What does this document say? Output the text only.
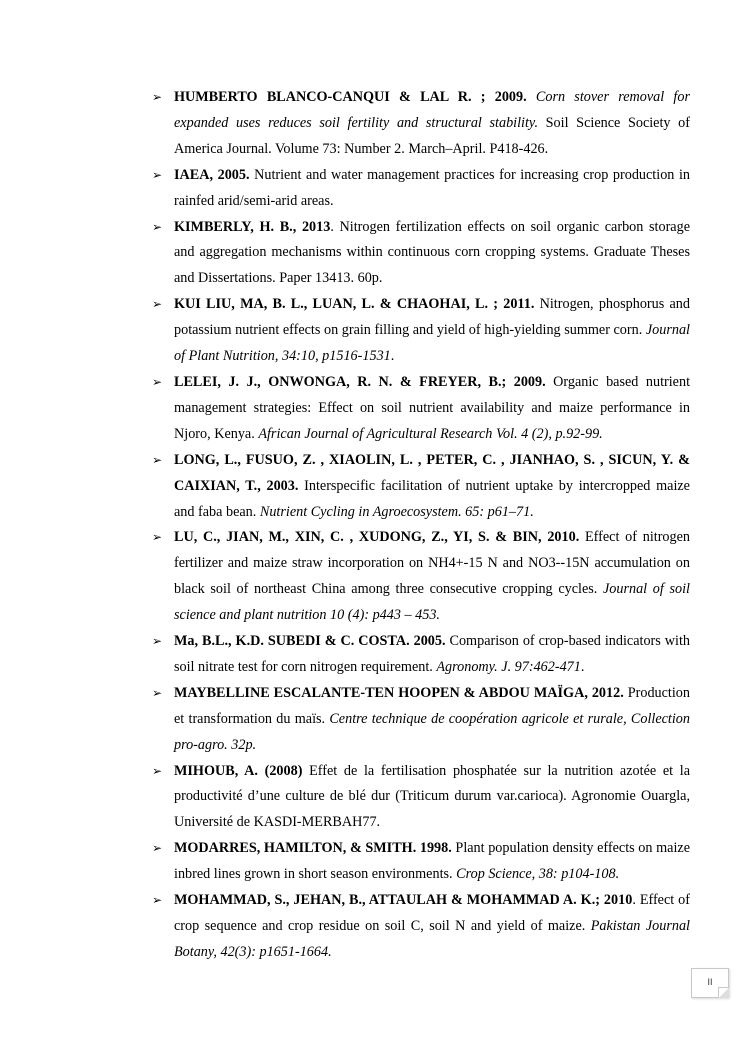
➢ HUMBERTO BLANCO-CANQUI & LAL R. ; 2009. Corn stover removal for expanded uses reduces soil fertility and structural stability. Soil Science Society of America Journal. Volume 73: Number 2. March–April. P418-426.
➢ IAEA, 2005. Nutrient and water management practices for increasing crop production in rainfed arid/semi-arid areas.
➢ KIMBERLY, H. B., 2013. Nitrogen fertilization effects on soil organic carbon storage and aggregation mechanisms within continuous corn cropping systems. Graduate Theses and Dissertations. Paper 13413. 60p.
➢ KUI LIU, MA, B. L., LUAN, L. & CHAOHAI, L. ; 2011. Nitrogen, phosphorus and potassium nutrient effects on grain filling and yield of high-yielding summer corn. Journal of Plant Nutrition, 34:10, p1516-1531.
➢ LELEI, J. J., ONWONGA, R. N. & FREYER, B.; 2009. Organic based nutrient management strategies: Effect on soil nutrient availability and maize performance in Njoro, Kenya. African Journal of Agricultural Research Vol. 4 (2), p.92-99.
➢ LONG, L., FUSUO, Z. , XIAOLIN, L. , PETER, C. , JIANHAO, S. , SICUN, Y. & CAIXIAN, T., 2003. Interspecific facilitation of nutrient uptake by intercropped maize and faba bean. Nutrient Cycling in Agroecosystem. 65: p61–71.
➢ LU, C., JIAN, M., XIN, C. , XUDONG, Z., YI, S. & BIN, 2010. Effect of nitrogen fertilizer and maize straw incorporation on NH4+-15 N and NO3--15N accumulation on black soil of northeast China among three consecutive cropping cycles. Journal of soil science and plant nutrition 10 (4): p443 – 453.
➢ Ma, B.L., K.D. SUBEDI & C. COSTA. 2005. Comparison of crop-based indicators with soil nitrate test for corn nitrogen requirement. Agronomy. J. 97:462-471.
➢ MAYBELLINE ESCALANTE-TEN HOOPEN & ABDOU MAÏGA, 2012. Production et transformation du maïs. Centre technique de coopération agricole et rurale, Collection pro-agro. 32p.
➢ MIHOUB, A. (2008) Effet de la fertilisation phosphatée sur la nutrition azotée et la productivité d’une culture de blé dur (Triticum durum var.carioca). Agronomie Ouargla, Université de KASDI-MERBAH77.
➢ MODARRES, HAMILTON, & SMITH. 1998. Plant population density effects on maize inbred lines grown in short season environments. Crop Science, 38: p104-108.
➢ MOHAMMAD, S., JEHAN, B., ATTAULAH & MOHAMMAD A. K.; 2010. Effect of crop sequence and crop residue on soil C, soil N and yield of maize. Pakistan Journal Botany, 42(3): p1651-1664.
II
